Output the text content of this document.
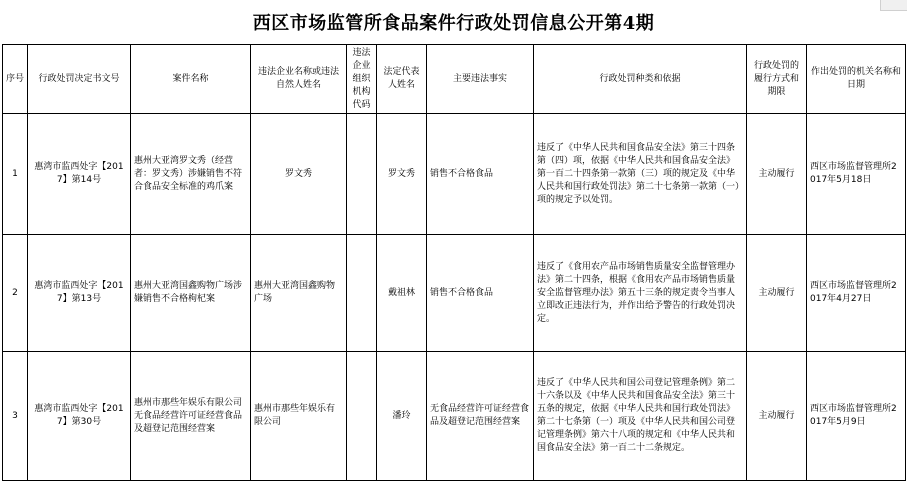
西区市场监管所食品案件行政处罚信息公开第4期
序号	行政处罚决定书文号	案件名称	违法企业名称或违法自然人姓名	违法企业组织机构代码	法定代表人姓名	主要违法事实	行政处罚种类和依据	行政处罚的履行方式和期限	作出处罚的机关名称和日期
1	惠湾市监西处字【2017】第14号	惠州大亚湾罗文秀（经营者：罗文秀）涉嫌销售不符合食品安全标准的鸡爪案	罗文秀		罗文秀	销售不合格食品	违反了《中华人民共和国食品安全法》第三十四条第（四）项，依据《中华人民共和国食品安全法》第一百二十四条第一款第（三）项的规定及《中华人民共和国行政处罚法》第二十七条第一款第（一）项的规定予以处罚。	主动履行	西区市场监督管理所2017年5月18日
2	惠湾市监西处字【2017】第13号	惠州大亚湾国鑫购物广场涉嫌销售不合格枸杞案	惠州大亚湾国鑫购物广场		戴祖林	销售不合格食品	违反了《食用农产品市场销售质量安全监督管理办法》第二十四条，根据《食用农产品市场销售质量安全监督管理办法》第五十三条的规定责令当事人立即改正违法行为，并作出给予警告的行政处罚决定。	主动履行	西区市场监督管理所2017年4月27日
3	惠湾市监西处字【2017】第30号	惠州市那些年娱乐有限公司无食品经营许可证经营食品及超登记范围经营案	惠州市那些年娱乐有限公司		潘玲	无食品经营许可证经营食品及超登记范围经营案	违反了《中华人民共和国公司登记管理条例》第二十六条以及《中华人民共和国食品安全法》第三十五条的规定，依据《中华人民共和国行政处罚法》第二十七条第（一）项及《中华人民共和国公司登记管理条例》第六十八项的规定和《中华人民共和国食品安全法》第一百二十二条规定。	主动履行	西区市场监督管理所2017年5月9日
